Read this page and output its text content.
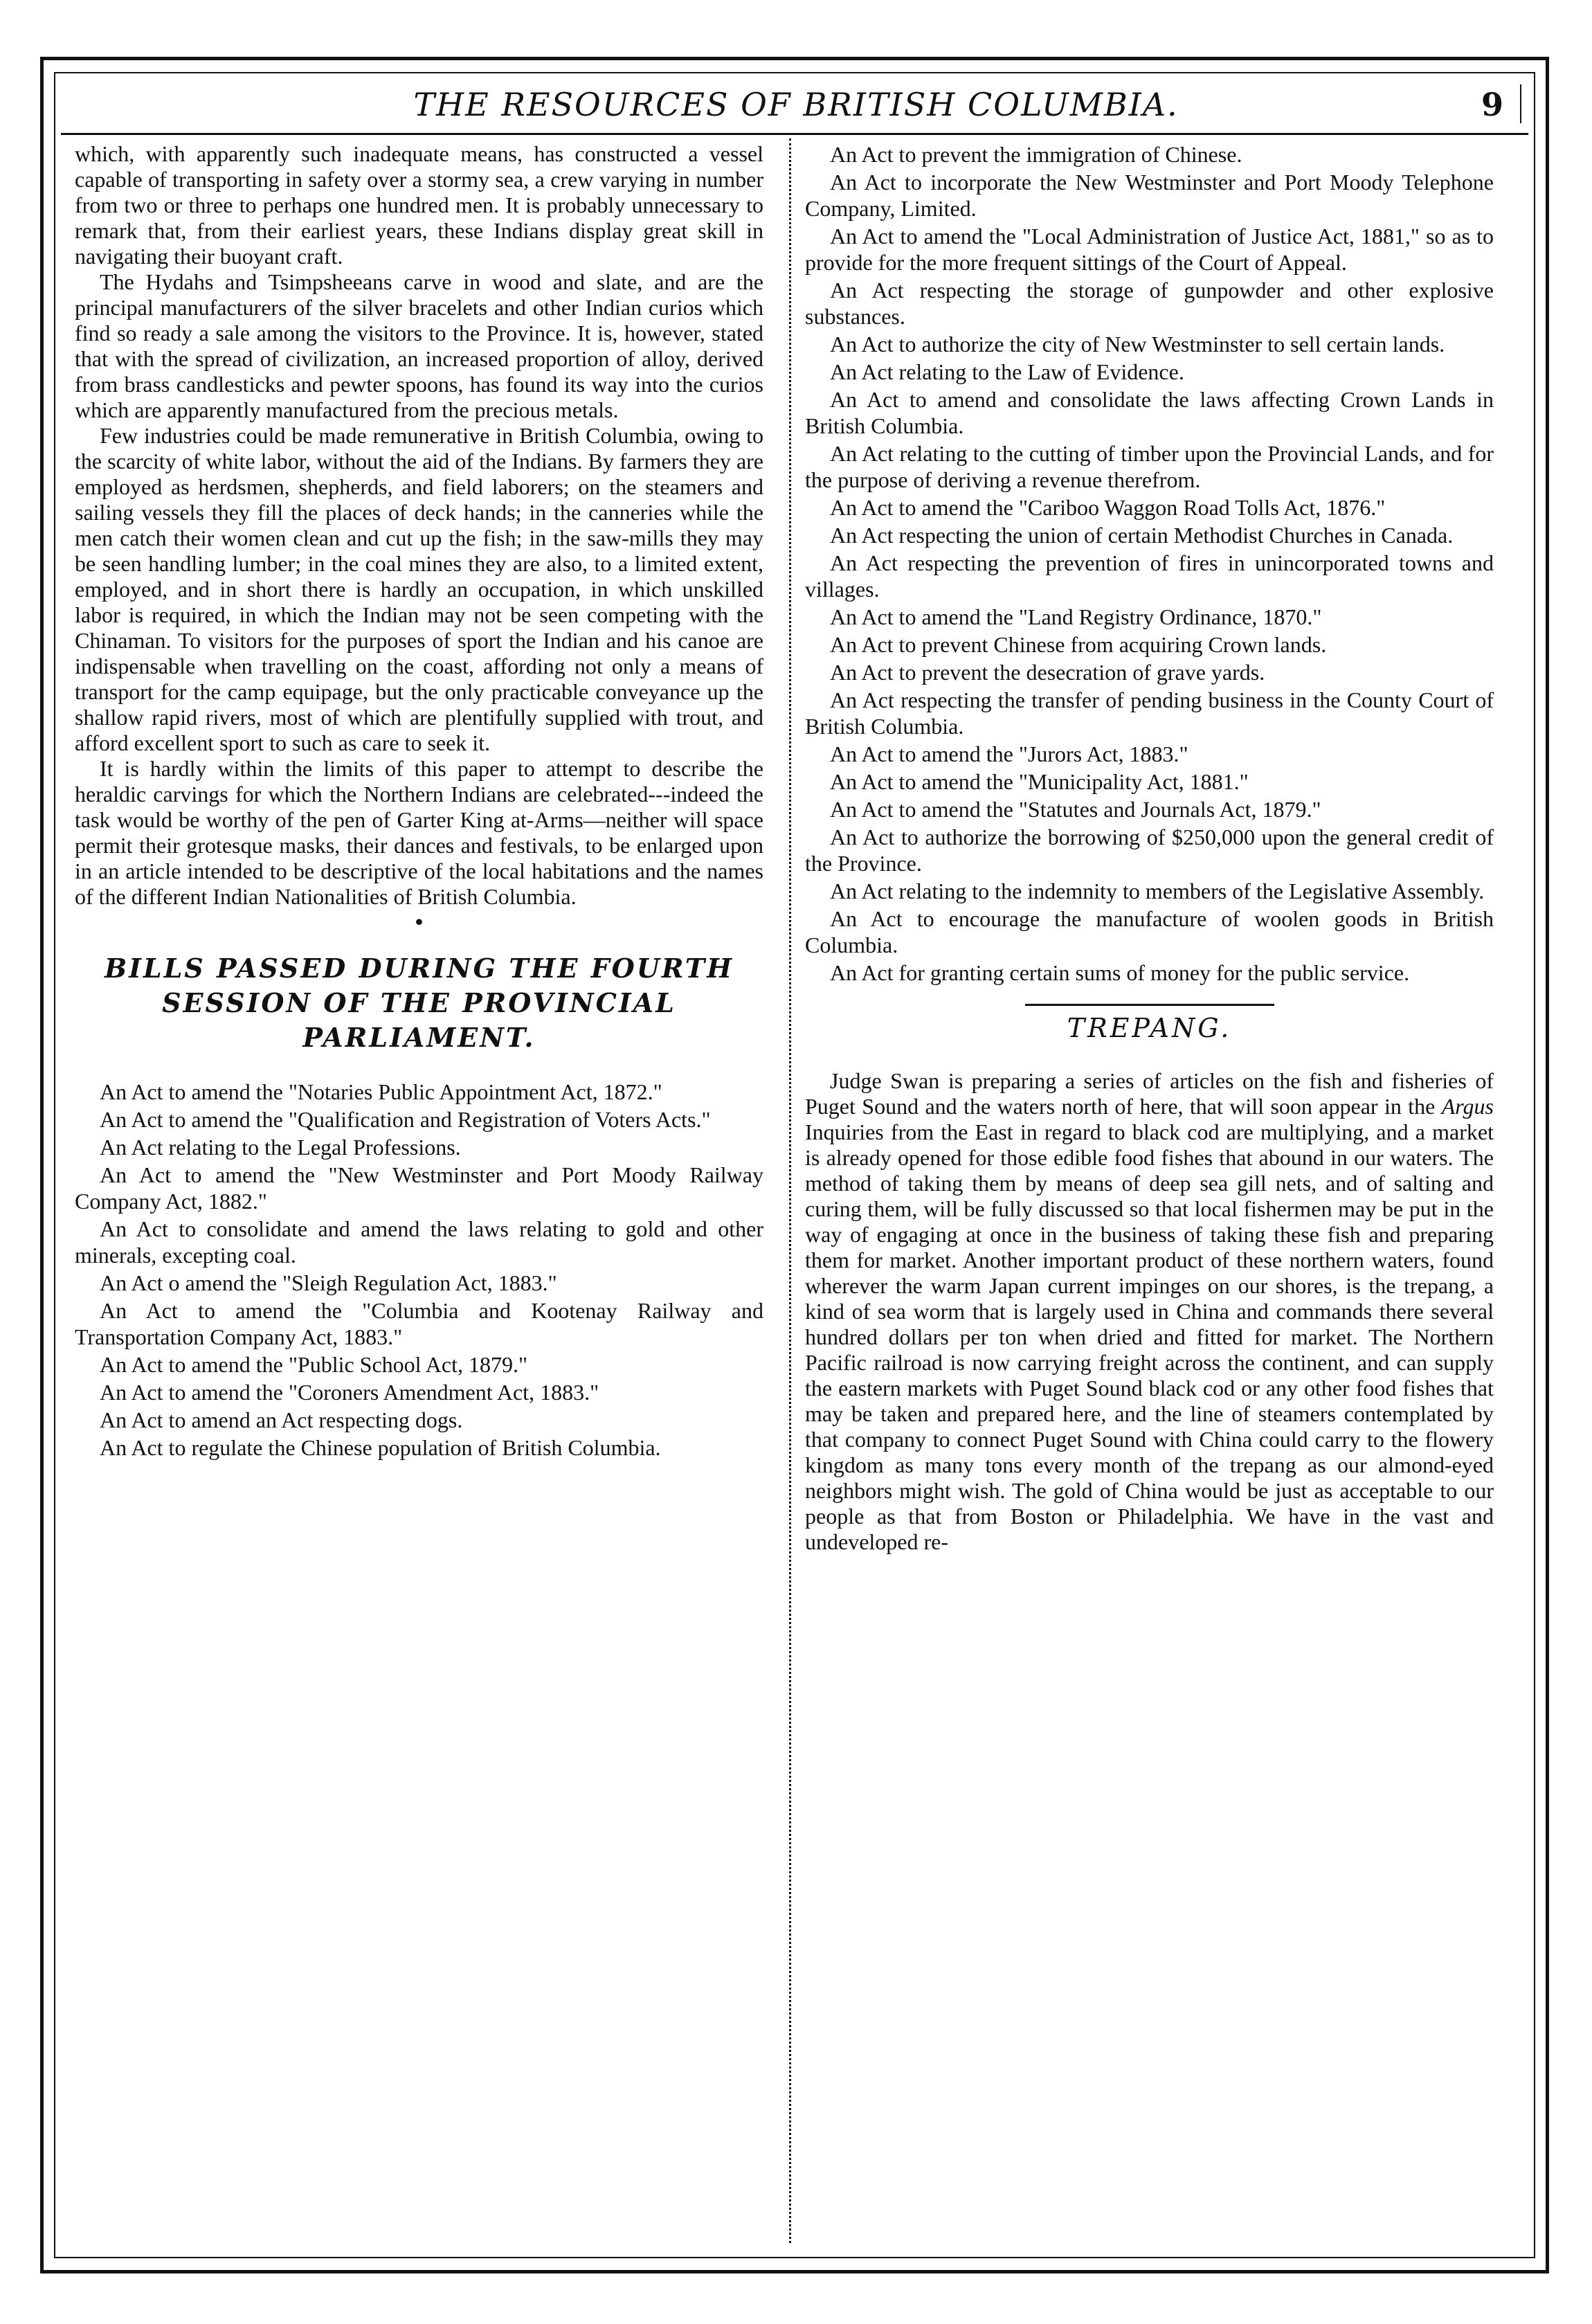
THE RESOURCES OF BRITISH COLUMBIA.	9

which, with apparently such inadequate means, has constructed a vessel capable of transporting in safety over a stormy sea, a crew varying in number from two or three to perhaps one hundred men. It is probably unnecessary to remark that, from their earliest years, these Indians display great skill in navigating their buoyant craft.

The Hydahs and Tsimpsheeans carve in wood and slate, and are the principal manufacturers of the silver bracelets and other Indian curios which find so ready a sale among the visitors to the Province. It is, however, stated that with the spread of civilization, an increased proportion of alloy, derived from brass candlesticks and pewter spoons, has found its way into the curios which are apparently manufactured from the precious metals.

Few industries could be made remunerative in British Columbia, owing to the scarcity of white labor, without the aid of the Indians. By farmers they are employed as herdsmen, shepherds, and field laborers; on the steamers and sailing vessels they fill the places of deck hands; in the canneries while the men catch their women clean and cut up the fish; in the saw-mills they may be seen handling lumber; in the coal mines they are also, to a limited extent, employed, and in short there is hardly an occupation, in which unskilled labor is required, in which the Indian may not be seen competing with the Chinaman. To visitors for the purposes of sport the Indian and his canoe are indispensable when travelling on the coast, affording not only a means of transport for the camp equipage, but the only practicable conveyance up the shallow rapid rivers, most of which are plentifully supplied with trout, and afford excellent sport to such as care to seek it.

It is hardly within the limits of this paper to attempt to describe the heraldic carvings for which the Northern Indians are celebrated---indeed the task would be worthy of the pen of Garter King at-Arms—neither will space permit their grotesque masks, their dances and festivals, to be enlarged upon in an article intended to be descriptive of the local habitations and the names of the different Indian Nationalities of British Columbia.

•
BILLS PASSED DURING THE FOURTH SESSION OF THE PROVINCIAL PARLIAMENT.

An Act to amend the "Notaries Public Appointment Act, 1872."

An Act to amend the "Qualification and Registration of Voters Acts."

An Act relating to the Legal Professions.

An Act to amend the "New Westminster and Port Moody Railway Company Act, 1882."

An Act to consolidate and amend the laws relating to gold and other minerals, excepting coal.

An Act o amend the "Sleigh Regulation Act, 1883."

An Act to amend the "Columbia and Kootenay Railway and Transportation Company Act, 1883."

An Act to amend the "Public School Act, 1879."

An Act to amend the "Coroners Amendment Act, 1883."

An Act to amend an Act respecting dogs.

An Act to regulate the Chinese population of British Columbia.

An Act to prevent the immigration of Chinese.

An Act to incorporate the New Westminster and Port Moody Telephone Company, Limited.

An Act to amend the "Local Administration of Justice Act, 1881," so as to provide for the more frequent sittings of the Court of Appeal.

An Act respecting the storage of gunpowder and other explosive substances.

An Act to authorize the city of New Westminster to sell certain lands.

An Act relating to the Law of Evidence.

An Act to amend and consolidate the laws affecting Crown Lands in British Columbia.

An Act relating to the cutting of timber upon the Provincial Lands, and for the purpose of deriving a revenue therefrom.

An Act to amend the "Cariboo Waggon Road Tolls Act, 1876."

An Act respecting the union of certain Methodist Churches in Canada.

An Act respecting the prevention of fires in unincorporated towns and villages.

An Act to amend the "Land Registry Ordinance, 1870."

An Act to prevent Chinese from acquiring Crown lands.

An Act to prevent the desecration of grave yards.

An Act respecting the transfer of pending business in the County Court of British Columbia.

An Act to amend the "Jurors Act, 1883."

An Act to amend the "Municipality Act, 1881."

An Act to amend the "Statutes and Journals Act, 1879."

An Act to authorize the borrowing of $250,000 upon the general credit of the Province.

An Act relating to the indemnity to members of the Legislative Assembly.

An Act to encourage the manufacture of woolen goods in British Columbia.

An Act for granting certain sums of money for the public service.

TREPANG.

Judge Swan is preparing a series of articles on the fish and fisheries of Puget Sound and the waters north of here, that will soon appear in the Argus Inquiries from the East in regard to black cod are multiplying, and a market is already opened for those edible food fishes that abound in our waters. The method of taking them by means of deep sea gill nets, and of salting and curing them, will be fully discussed so that local fishermen may be put in the way of engaging at once in the business of taking these fish and preparing them for market. Another important product of these northern waters, found wherever the warm Japan current impinges on our shores, is the trepang, a kind of sea worm that is largely used in China and commands there several hundred dollars per ton when dried and fitted for market. The Northern Pacific railroad is now carrying freight across the continent, and can supply the eastern markets with Puget Sound black cod or any other food fishes that may be taken and prepared here, and the line of steamers contemplated by that company to connect Puget Sound with China could carry to the flowery kingdom as many tons every month of the trepang as our almond-eyed neighbors might wish. The gold of China would be just as acceptable to our people as that from Boston or Philadelphia. We have in the vast and undeveloped re-
